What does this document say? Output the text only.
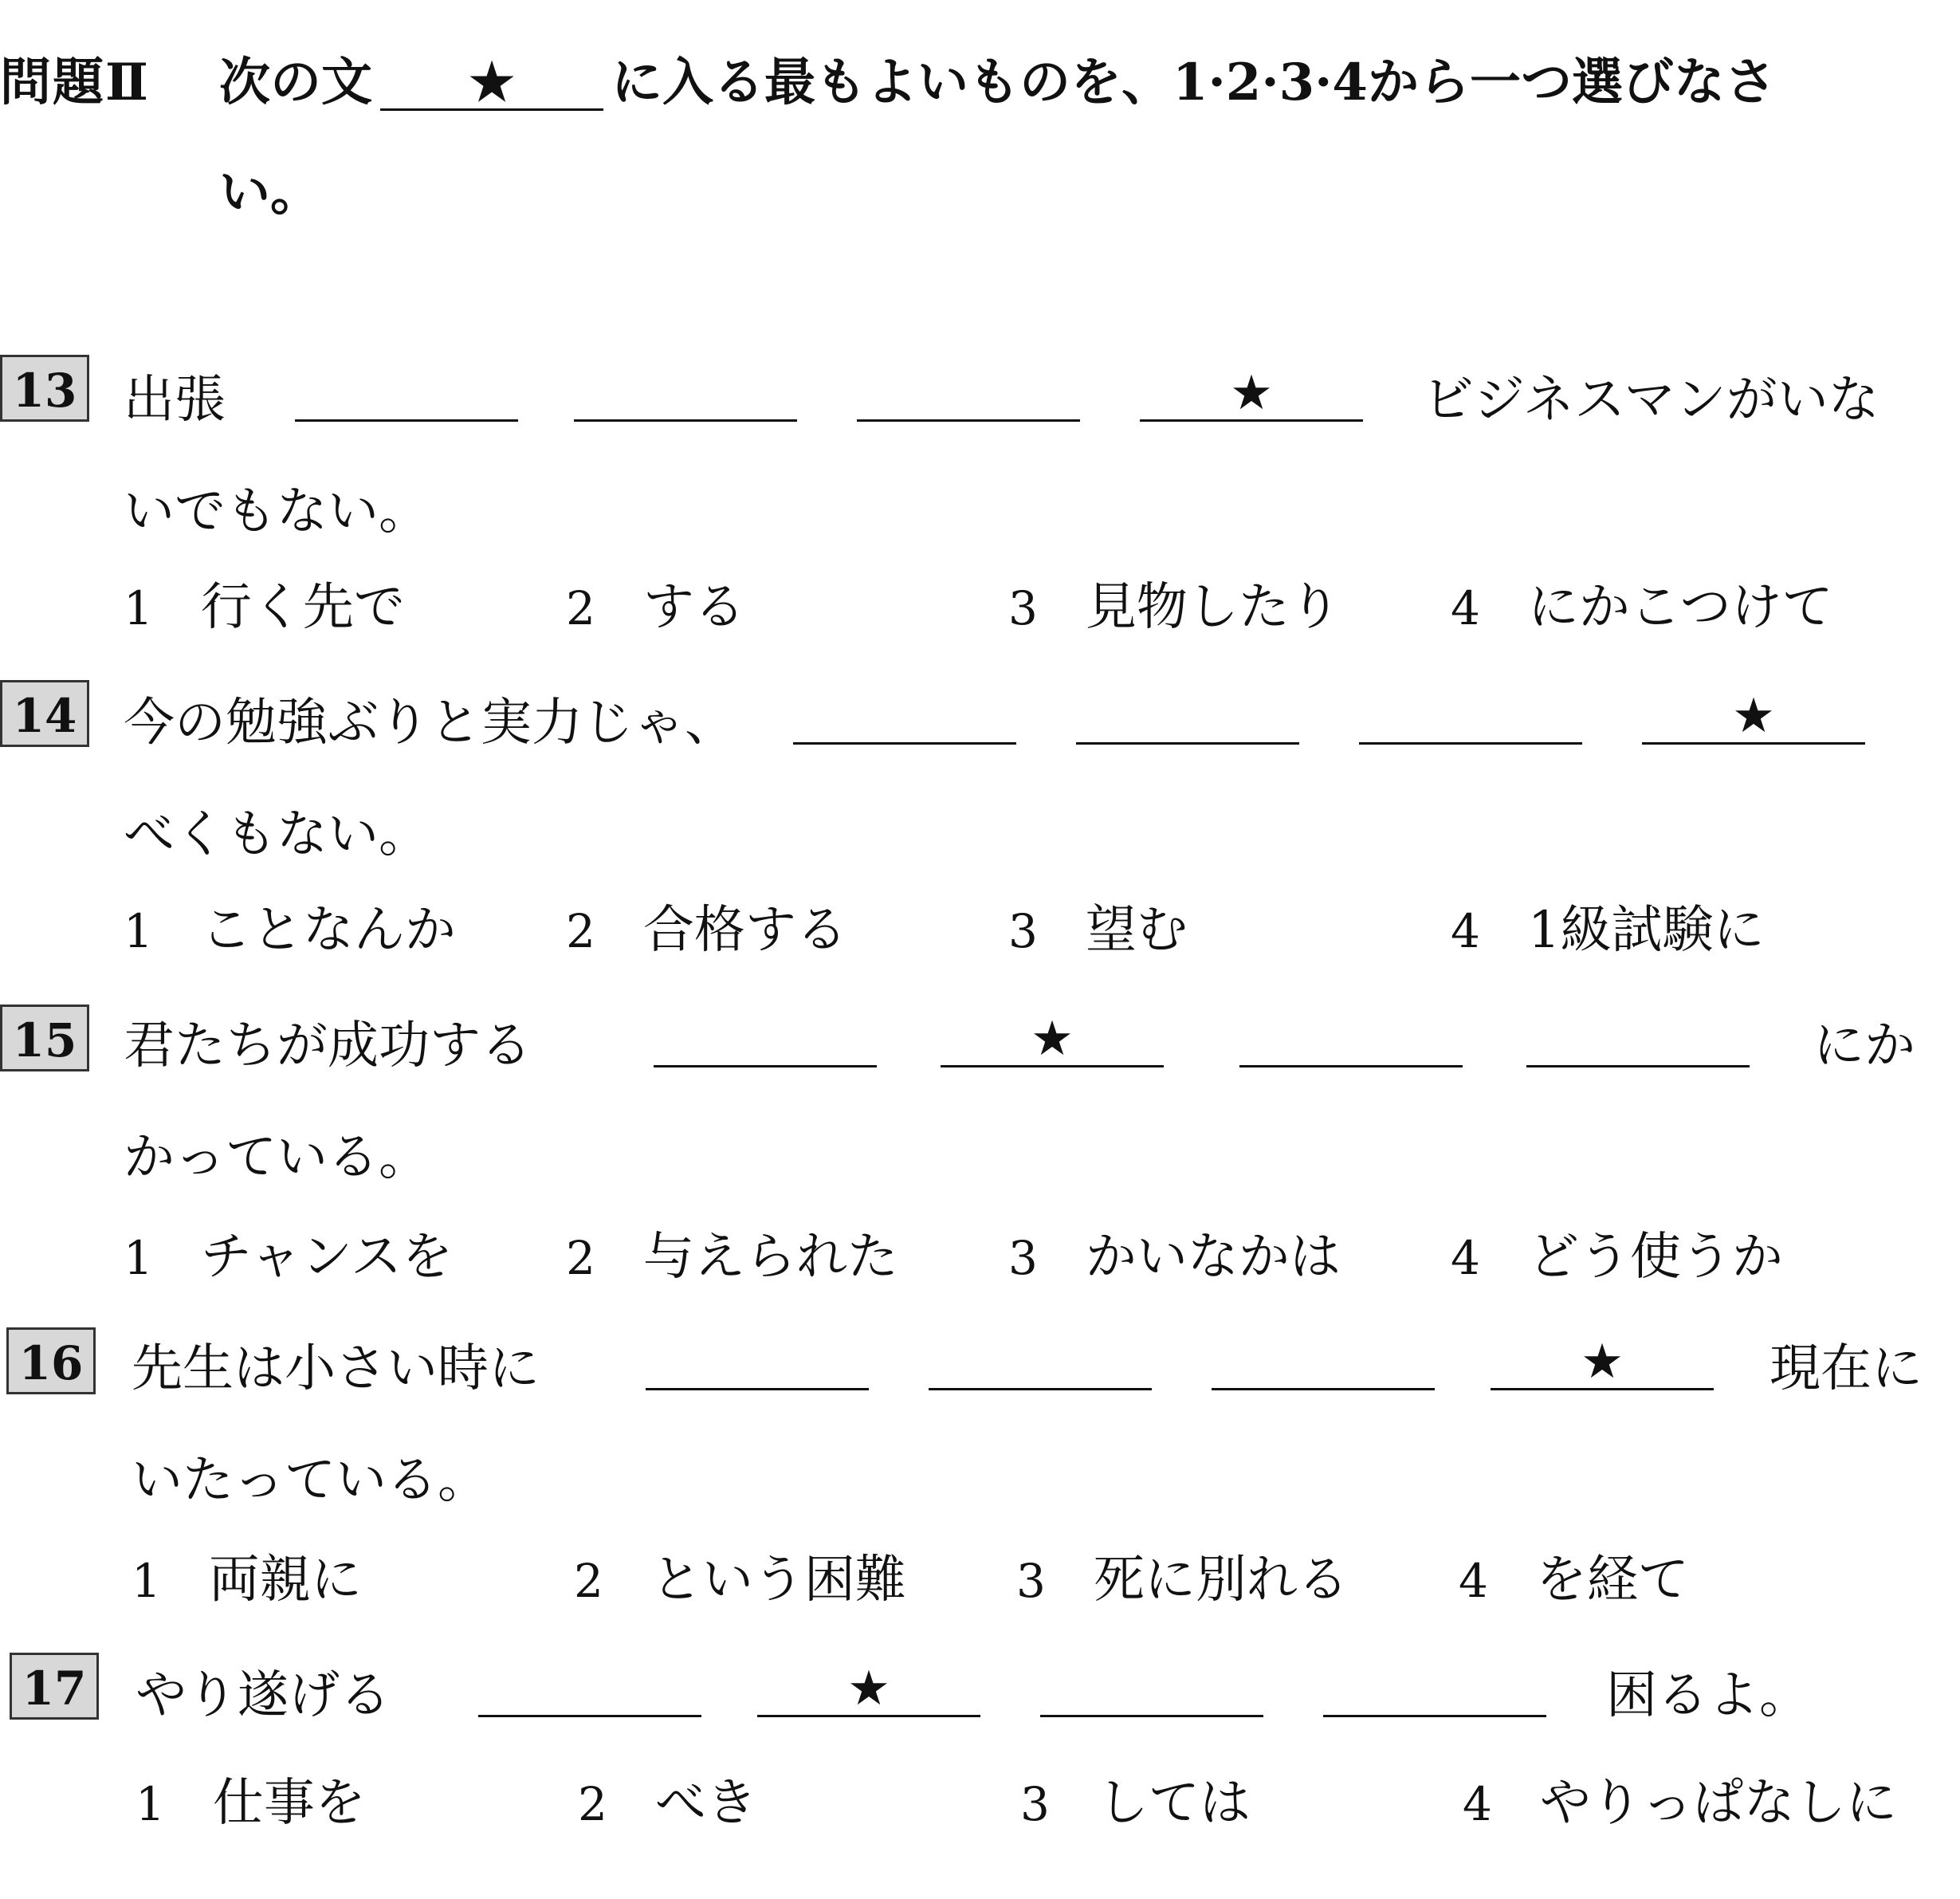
問題Ⅱ 次の文 ★ に入る最もよいものを、1·2·3·4から一つ選びなさ
い。
13 出張	★	ビジネスマンがいな
いでもない。
1 行く先で	2 する	3 見物したり 4 にかこつけて
14 今の勉強ぶりと実力じゃ、	★
べくもない。
1 ことなんか 2 合格する	3 望む	4 1級試験に
15 君たちが成功する	★	にか
かっている。
1 チャンスを 2 与えられた 3 かいなかは 4 どう使うか
16 先生は小さい時に	★	現在に
いたっている。
1 両親に	2 という困難 3 死に別れる 4 を経て
17 やり遂げる	★	困るよ。
1 仕事を	2 べき	3 しては	4 やりっぱなしに
